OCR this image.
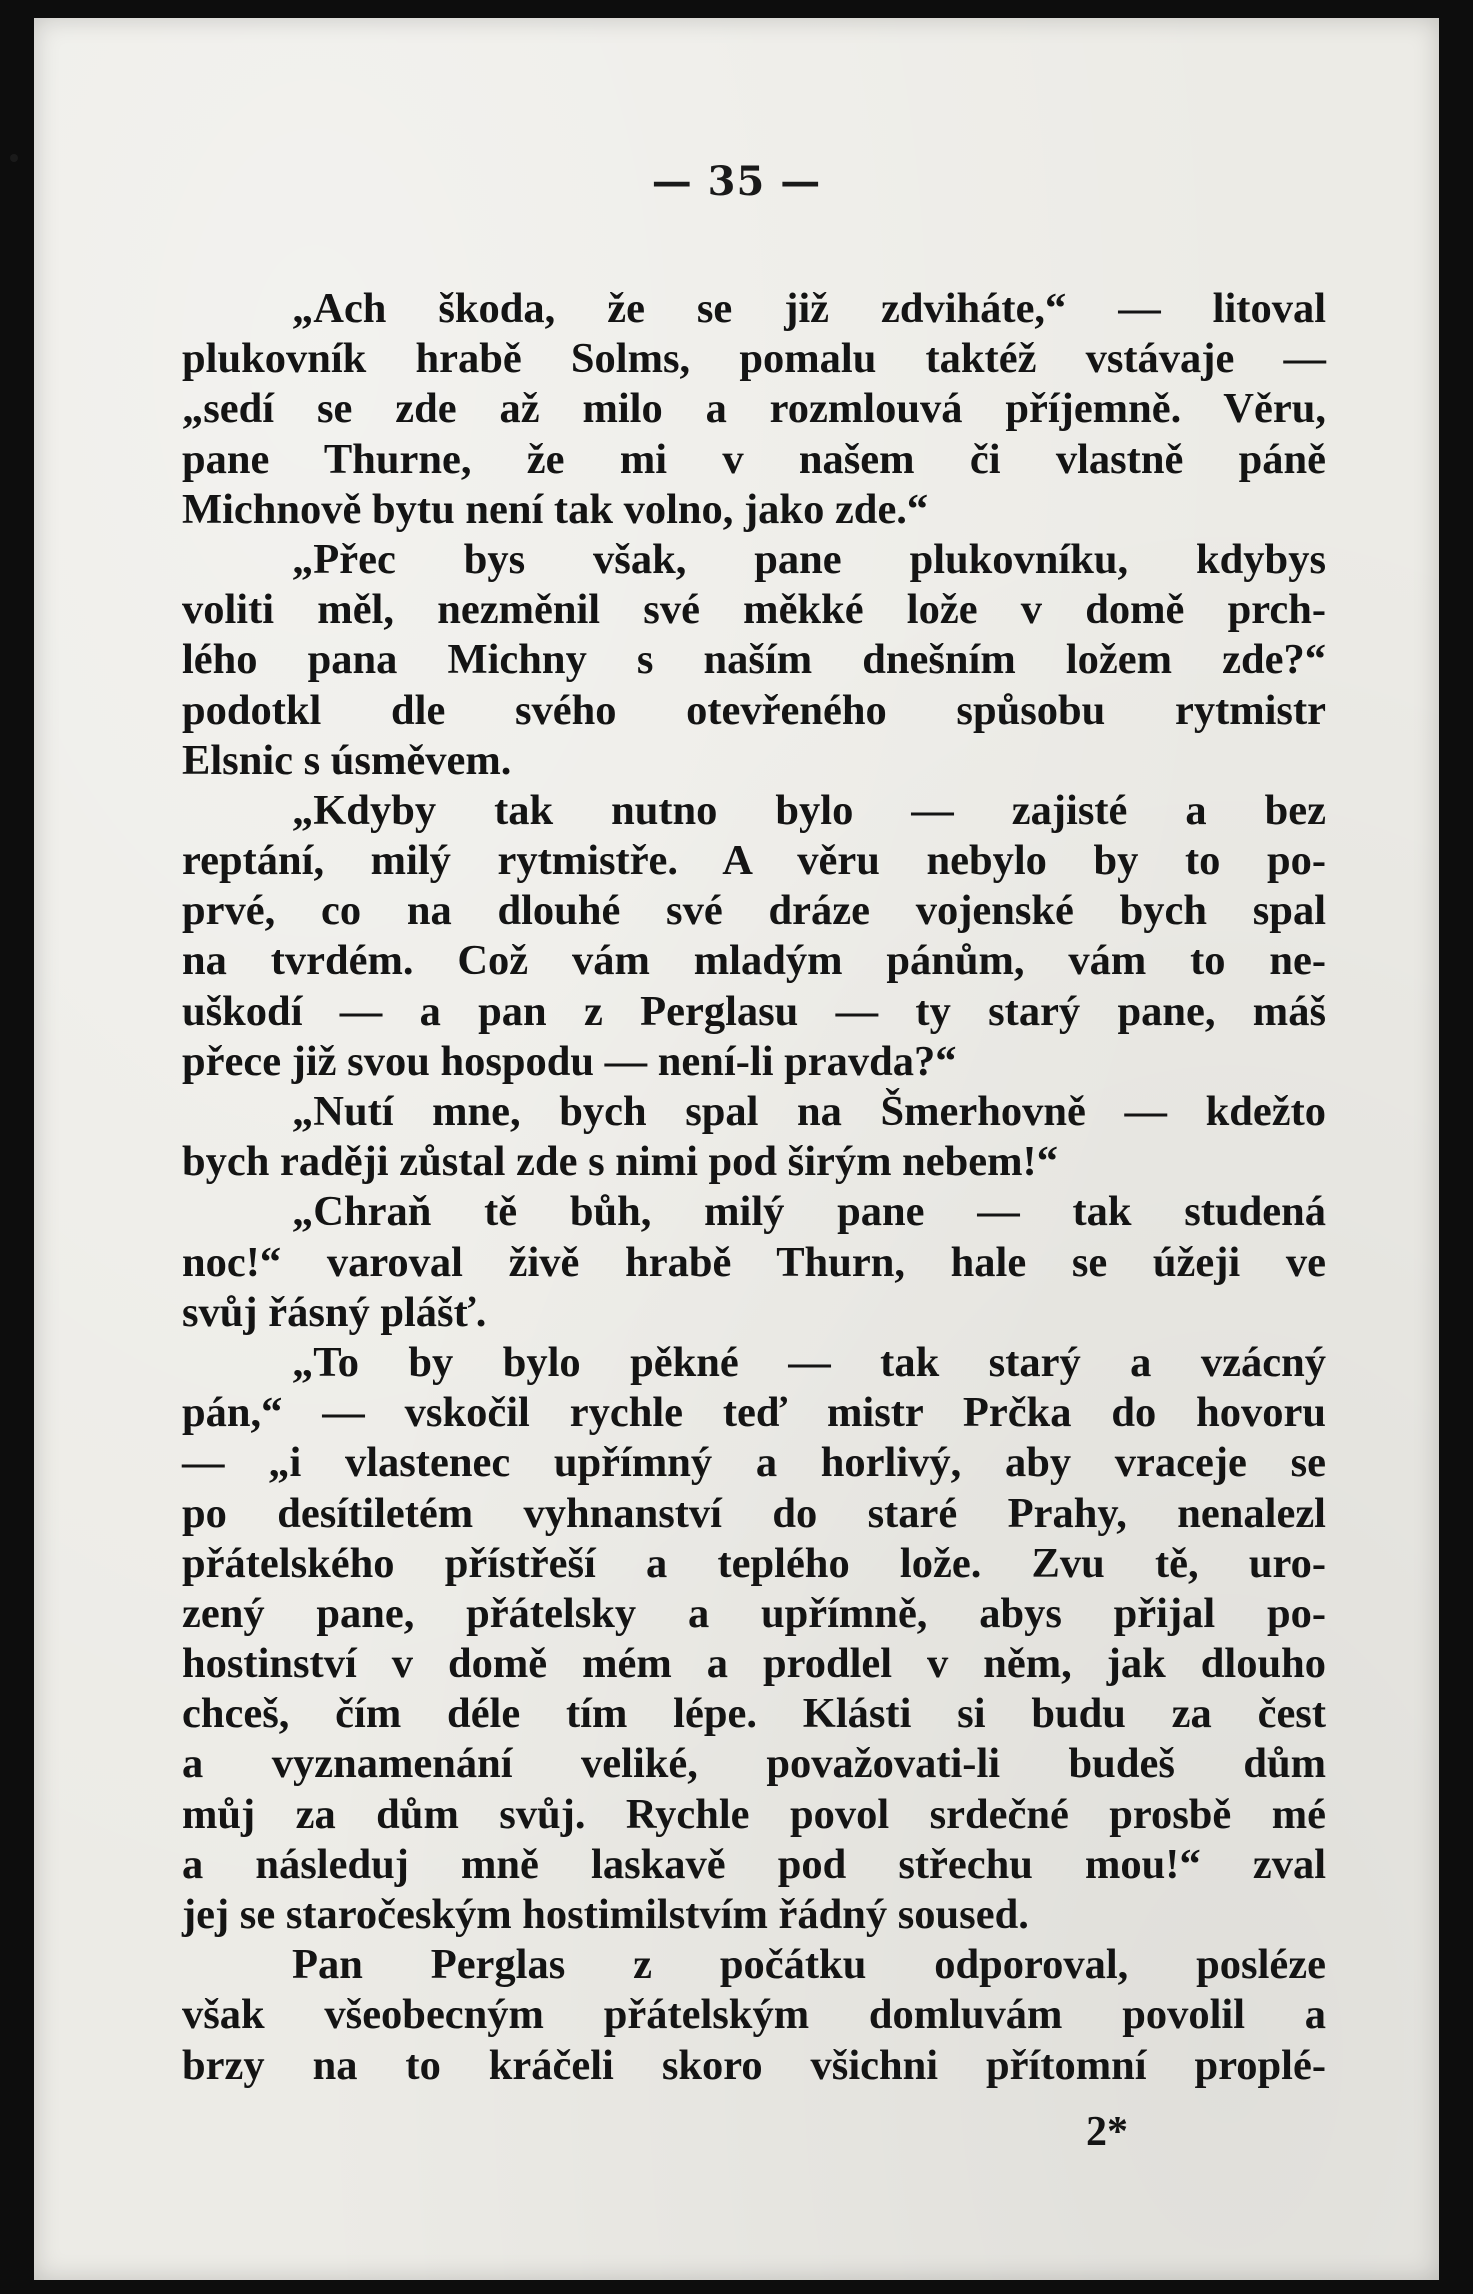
— 35 —
„Ach škoda, že se již zdviháte,“ — litoval
plukovník hrabě Solms, pomalu taktéž vstávaje —
„sedí se zde až milo a rozmlouvá příjemně. Věru,
pane Thurne, že mi v našem či vlastně páně
Michnově bytu není tak volno, jako zde.“
„Přec bys však, pane plukovníku, kdybys
voliti měl, nezměnil své měkké lože v domě prch-
lého pana Michny s naším dnešním ložem zde?“
podotkl dle svého otevřeného spůsobu rytmistr
Elsnic s úsměvem.
„Kdyby tak nutno bylo — zajisté a bez
reptání, milý rytmistře. A věru nebylo by to po-
prvé, co na dlouhé své dráze vojenské bych spal
na tvrdém. Což vám mladým pánům, vám to ne-
uškodí — a pan z Perglasu — ty starý pane, máš
přece již svou hospodu — není-li pravda?“
„Nutí mne, bych spal na Šmerhovně — kdežto
bych raději zůstal zde s nimi pod širým nebem!“
„Chraň tě bůh, milý pane — tak studená
noc!“ varoval živě hrabě Thurn, hale se úžeji ve
svůj řásný plášť.
„To by bylo pěkné — tak starý a vzácný
pán,“ — vskočil rychle teď mistr Prčka do hovoru
— „i vlastenec upřímný a horlivý, aby vraceje se
po desítiletém vyhnanství do staré Prahy, nenalezl
přátelského přístřeší a teplého lože. Zvu tě, uro-
zený pane, přátelsky a upřímně, abys přijal po-
hostinství v domě mém a prodlel v něm, jak dlouho
chceš, čím déle tím lépe. Klásti si budu za čest
a vyznamenání veliké, považovati-li budeš dům
můj za dům svůj. Rychle povol srdečné prosbě mé
a následuj mně laskavě pod střechu mou!“ zval
jej se staročeským hostimilstvím řádný soused.
Pan Perglas z počátku odporoval, posléze
však všeobecným přátelským domluvám povolil a
brzy na to kráčeli skoro všichni přítomní proplé-
2*
